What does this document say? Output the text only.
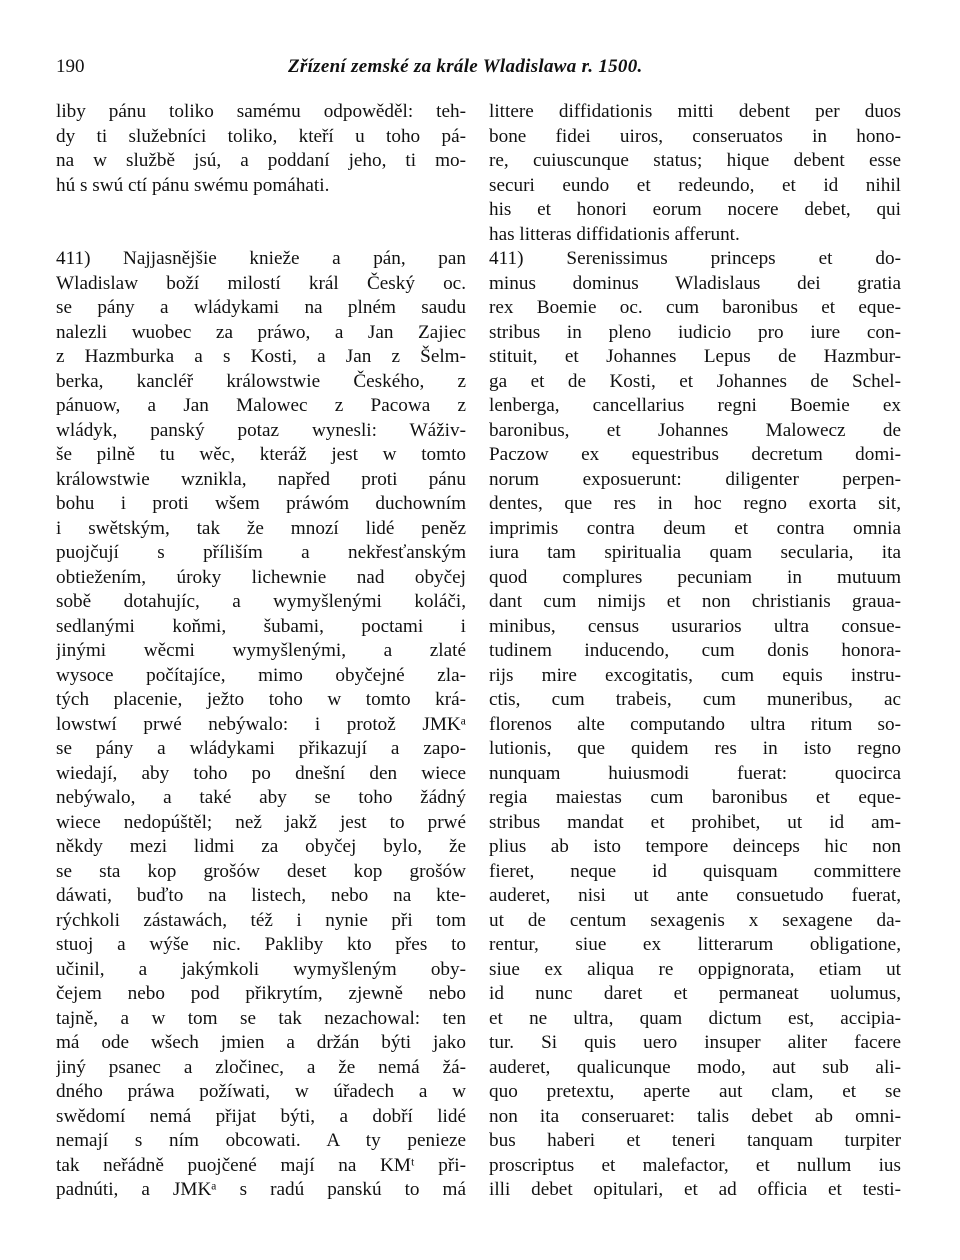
190	Zřízení zemské za krále Wladislawa r. 1500.
liby pánu toliko samému odpowěděl: teh-
dy ti služebníci toliko, kteří u toho pá-
na w službě jsú, a poddaní jeho, ti mo-
hú s swú ctí pánu swému pomáhati.
411) Najjasnějšie knieže a pán, pan
Wladislaw boží milostí král Český oc.
se pány a wládykami na plném saudu
nalezli wuobec za práwo, a Jan Zajiec
z Hazmburka a s Kosti, a Jan z Šelm-
berka, kancléř králowstwie Českého, z
pánuow, a Jan Malowec z Pacowa z
wládyk, panský potaz wynesli: Wáživ-
še pilně tu wěc, kteráž jest w tomto
králowstwie wznikla, napřed proti pánu
bohu i proti wšem práwóm duchowním
i swětským, tak že mnozí lidé peněz
puojčují s příliším a nekřesťanským
obtiežením, úroky lichewnie nad obyčej
sobě dotahujíc, a wymyšlenými koláči,
sedlanými koňmi, šubami, poctami i
jinými wěcmi wymyšlenými, a zlaté
wysoce počítajíce, mimo obyčejné zla-
tých placenie, ježto toho w tomto krá-
lowstwí prwé nebýwalo: i protož JMKᵃ
se pány a wládykami přikazují a zapo-
wiedají, aby toho po dnešní den wiece
nebýwalo, a také aby se toho žádný
wiece nedopúštěl; než jakž jest to prwé
někdy mezi lidmi za obyčej bylo, že
se sta kop grošów deset kop grošów
dáwati, buďto na listech, nebo na kte-
rýchkoli zástawách, též i nynie při tom
stuoj a wýše nic. Pakliby kto přes to
učinil, a jakýmkoli wymyšleným oby-
čejem nebo pod přikrytím, zjewně nebo
tajně, a w tom se tak nezachowal: ten
má ode wšech jmien a držán býti jako
jiný psanec a zločinec, a že nemá žá-
dného práwa požíwati, w úřadech a w
swědomí nemá přijat býti, a dobří lidé
nemají s ním obcowati. A ty penieze
tak neřádně puojčené mají na KMᵗ při-
padnúti, a JMKᵃ s radú panskú to má
littere diffidationis mitti debent per duos
bone fidei uiros, conseruatos in hono-
re, cuiuscunque status; hique debent esse
securi eundo et redeundo, et id nihil
his et honori eorum nocere debet, qui
has litteras diffidationis afferunt.
411) Serenissimus princeps et do-
minus dominus Wladislaus dei gratia
rex Boemie oc. cum baronibus et eque-
stribus in pleno iudicio pro iure con-
stituit, et Johannes Lepus de Hazmbur-
ga et de Kosti, et Johannes de Schel-
lenberga, cancellarius regni Boemie ex
baronibus, et Johannes Malowecz de
Paczow ex equestribus decretum domi-
norum exposuerunt: diligenter perpen-
dentes, que res in hoc regno exorta sit,
imprimis contra deum et contra omnia
iura tam spiritualia quam secularia, ita
quod complures pecuniam in mutuum
dant cum nimijs et non christianis graua-
minibus, census usurarios ultra consue-
tudinem inducendo, cum donis honora-
rijs mire excogitatis, cum equis instru-
ctis, cum trabeis, cum muneribus, ac
florenos alte computando ultra ritum so-
lutionis, que quidem res in isto regno
nunquam huiusmodi fuerat: quocirca
regia maiestas cum baronibus et eque-
stribus mandat et prohibet, ut id am-
plius ab isto tempore deinceps hic non
fieret, neque id quisquam committere
auderet, nisi ut ante consuetudo fuerat,
ut de centum sexagenis x sexagene da-
rentur, siue ex litterarum obligatione,
siue ex aliqua re oppignorata, etiam ut
id nunc daret et permaneat uolumus,
et ne ultra, quam dictum est, accipia-
tur. Si quis uero insuper aliter facere
auderet, qualicunque modo, aut sub ali-
quo pretextu, aperte aut clam, et se
non ita conseruaret: talis debet ab omni-
bus haberi et teneri tanquam turpiter
proscriptus et malefactor, et nullum ius
illi debet opitulari, et ad officia et testi-
